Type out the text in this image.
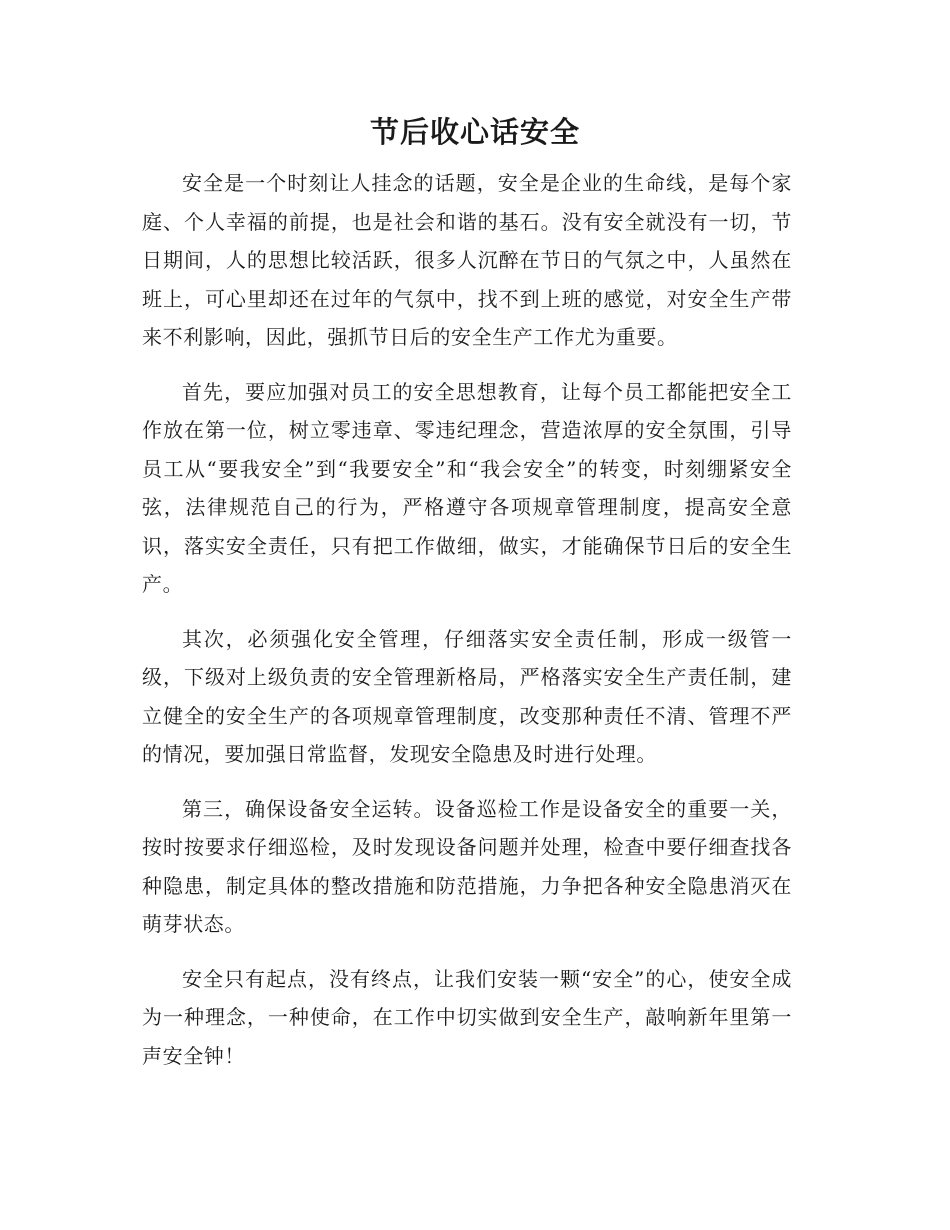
节后收心话安全

安全是一个时刻让人挂念的话题，安全是企业的生命线，是每个家庭、个人幸福的前提，也是社会和谐的基石。没有安全就没有一切，节日期间，人的思想比较活跃，很多人沉醉在节日的气氛之中，人虽然在班上，可心里却还在过年的气氛中，找不到上班的感觉，对安全生产带来不利影响，因此，强抓节日后的安全生产工作尤为重要。

首先，要应加强对员工的安全思想教育，让每个员工都能把安全工作放在第一位，树立零违章、零违纪理念，营造浓厚的安全氛围，引导员工从“要我安全”到“我要安全”和“我会安全”的转变，时刻绷紧安全弦，法律规范自己的行为，严格遵守各项规章管理制度，提高安全意识，落实安全责任，只有把工作做细，做实，才能确保节日后的安全生产。

其次，必须强化安全管理，仔细落实安全责任制，形成一级管一级，下级对上级负责的安全管理新格局，严格落实安全生产责任制，建立健全的安全生产的各项规章管理制度，改变那种责任不清、管理不严的情况，要加强日常监督，发现安全隐患及时进行处理。

第三，确保设备安全运转。设备巡检工作是设备安全的重要一关，按时按要求仔细巡检，及时发现设备问题并处理，检查中要仔细查找各种隐患，制定具体的整改措施和防范措施，力争把各种安全隐患消灭在萌芽状态。

安全只有起点，没有终点，让我们安装一颗“安全”的心，使安全成为一种理念，一种使命，在工作中切实做到安全生产，敲响新年里第一声安全钟！
